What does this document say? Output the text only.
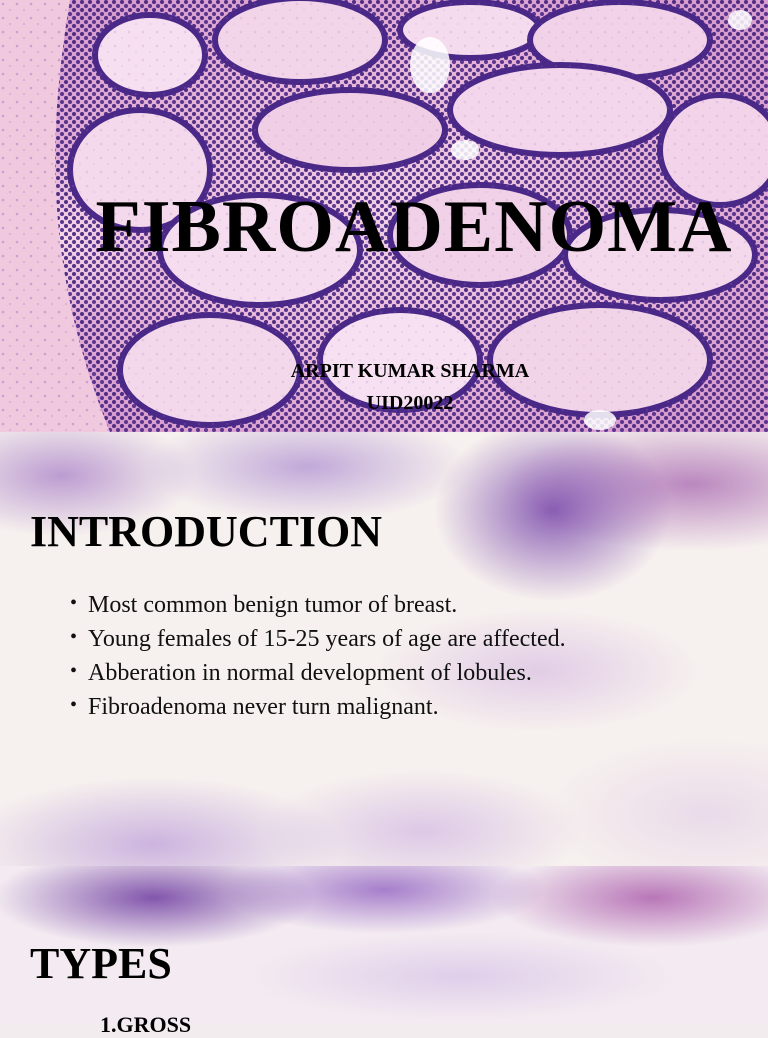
FIBROADENOMA
ARPIT KUMAR SHARMA
UID20022
INTRODUCTION
• Most common benign tumor of breast.
• Young females of 15-25 years of age are affected.
• Abberation in normal development of lobules.
• Fibroadenoma never turn malignant.
TYPES
1.GROSS
